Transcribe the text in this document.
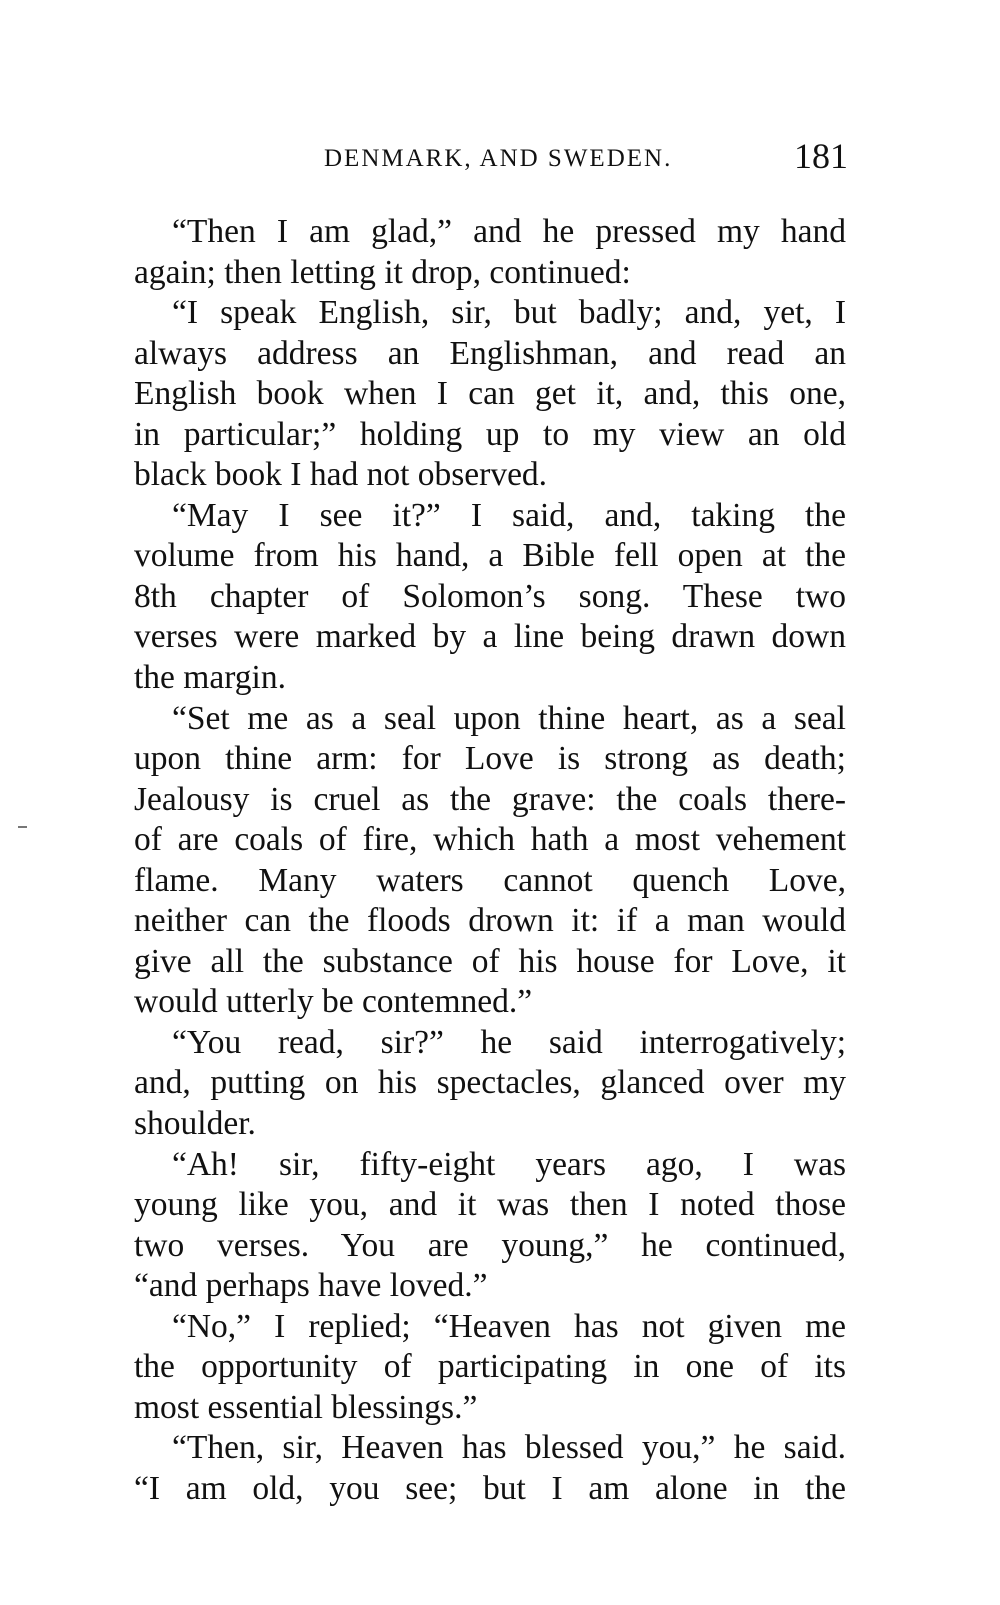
DENMARK, AND SWEDEN.	181
“Then I am glad,” and he pressed my hand
again; then letting it drop, continued:
“I speak English, sir, but badly; and, yet, I
always address an Englishman, and read an
English book when I can get it, and, this one,
in particular;” holding up to my view an old
black book I had not observed.
“May I see it?” I said, and, taking the
volume from his hand, a Bible fell open at the
8th chapter of Solomon’s song. These two
verses were marked by a line being drawn down
the margin.
“Set me as a seal upon thine heart, as a seal
upon thine arm: for Love is strong as death;
Jealousy is cruel as the grave: the coals there-
of are coals of fire, which hath a most vehement
flame. Many waters cannot quench Love,
neither can the floods drown it: if a man would
give all the substance of his house for Love, it
would utterly be contemned.”
“You read, sir?” he said interrogatively;
and, putting on his spectacles, glanced over my
shoulder.
“Ah! sir, fifty-eight years ago, I was
young like you, and it was then I noted those
two verses. You are young,” he continued,
“and perhaps have loved.”
“No,” I replied; “Heaven has not given me
the opportunity of participating in one of its
most essential blessings.”
“Then, sir, Heaven has blessed you,” he said.
“I am old, you see; but I am alone in the
